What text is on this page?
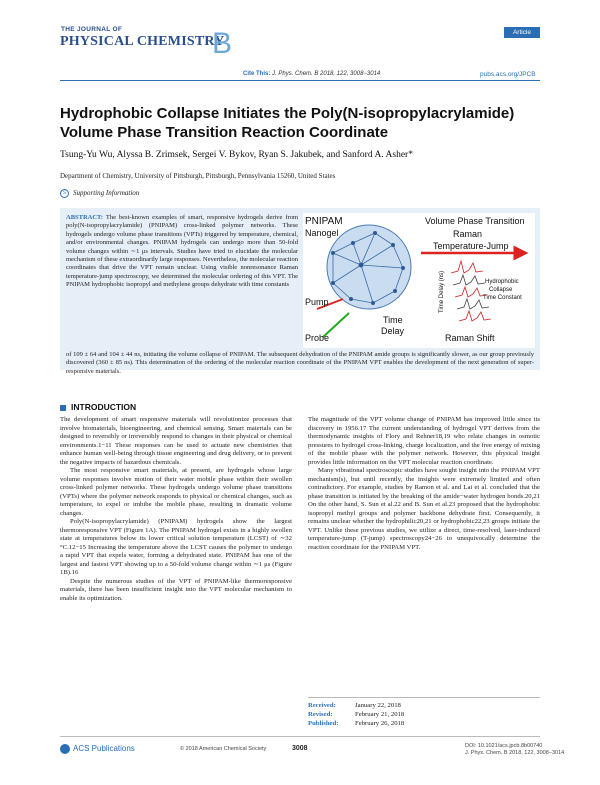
THE JOURNAL OF
PHYSICAL CHEMISTRY
B	Article
Cite This: J. Phys. Chem. B 2018, 122, 3008−3014	pubs.acs.org/JPCB
Hydrophobic Collapse Initiates the Poly(N-isopropylacrylamide) Volume Phase Transition Reaction Coordinate
Tsung-Yu Wu, Alyssa B. Zrimsek, Sergei V. Bykov, Ryan S. Jakubek, and Sanford A. Asher*
Department of Chemistry, University of Pittsburgh, Pittsburgh, Pennsylvania 15260, United States
S Supporting Information
ABSTRACT: The best-known examples of smart, responsive hydrogels derive from poly(N-isopropylacrylamide) (PNIPAM) cross-linked polymer networks. These hydrogels undergo volume phase transitions (VPTs) triggered by temperature, chemical, and/or environmental changes. PNIPAM hydrogels can undergo more than 50-fold volume changes within ∼1 μs intervals. Studies have tried to elucidate the molecular mechanism of these extraordinarily large responses. Nevertheless, the molecular reaction coordinates that drive the VPT remain unclear. Using visible nonresonance Raman temperature-jump spectroscopy, we determined the molecular ordering of this VPT. The PNIPAM hydrophobic isopropyl and methylene groups dehydrate with time constants
of 109 ± 64 and 104 ± 44 ns, initiating the volume collapse of PNIPAM. The subsequent dehydration of the PNIPAM amide groups is significantly slower, as our group previously discovered (360 ± 85 ns). This determination of the ordering of the molecular reaction coordinate of the PNIPAM VPT enables the development of the next generation of super-responsive materials.
PNIPAM
Nanogel
Pump
Probe
Time
Delay
Volume Phase Transition
Raman
Temperature-Jump
Time Delay (ns)	Hydrophobic
Collapse
Time Constant
Raman Shift
INTRODUCTION

The development of smart responsive materials will revolutionize processes that involve biomaterials, bioengineering, and chemical sensing. Smart materials can be designed to reversibly or irreversibly respond to changes in their physical or chemical environments.1−11 These responses can be used to actuate new chemistries that enhance human well-being through tissue engineering and drug delivery, or to prevent the negative impacts of hazardous chemicals.

The most responsive smart materials, at present, are hydrogels whose large volume responses involve motion of their water mobile phase within their swollen cross-linked polymer networks. These hydrogels undergo volume phase transitions (VPTs) where the polymer network responds to physical or chemical changes, such as temperature, to expel or imbibe the mobile phase, resulting in dramatic volume changes.

Poly(N-isopropylacrylamide) (PNIPAM) hydrogels show the largest thermoresponsive VPT (Figure 1A). The PNIPAM hydrogel exists in a highly swollen state at temperatures below its lower critical solution temperature (LCST) of ∼32 °C.12−15 Increasing the temperature above the LCST causes the polymer to undergo a rapid VPT that expels water, forming a dehydrated state. PNIPAM has one of the largest and fastest VPT showing up to a 50-fold volume change within ∼1 μs (Figure 1B).16

Despite the numerous studies of the VPT of PNIPAM-like thermoresponsive materials, there has been insufficient insight into the VPT molecular mechanism to enable its optimization.

The magnitude of the VPT volume change of PNIPAM has improved little since its discovery in 1956.17 The current understanding of hydrogel VPT derives from the thermodynamic insights of Flory and Rehner18,19 who relate changes in osmotic pressures to hydrogel cross-linking, charge localization, and the free energy of mixing of the mobile phase with the polymer network. However, this physical insight provides little information on the VPT molecular reaction coordinate.

Many vibrational spectroscopic studies have sought insight into the PNIPAM VPT mechanism(s), but until recently, the insights were extremely limited and often contradictory. For example, studies by Ramon et al. and Lai et al. concluded that the phase transition is initiated by the breaking of the amide−water hydrogen bonds.20,21 On the other hand, S. Sun et al.22 and B. Sun et al.23 proposed that the hydrophobic isopropyl methyl groups and polymer backbone dehydrate first. Consequently, it remains unclear whether the hydrophilic20,21 or hydrophobic22,23 groups initiate the VPT. Unlike these previous studies, we utilize a direct, time-resolved, laser-induced temperature-jump (T-jump) spectroscopy24−26 to unequivocally determine the reaction coordinate for the PNIPAM VPT.

Received:	January 22, 2018
Revised:	February 21, 2018
Published: February 26, 2018
ACS Publications	© 2018 American Chemical Society	3008	DOI: 10.1021/acs.jpcb.8b00740
J. Phys. Chem. B 2018, 122, 3008−3014
